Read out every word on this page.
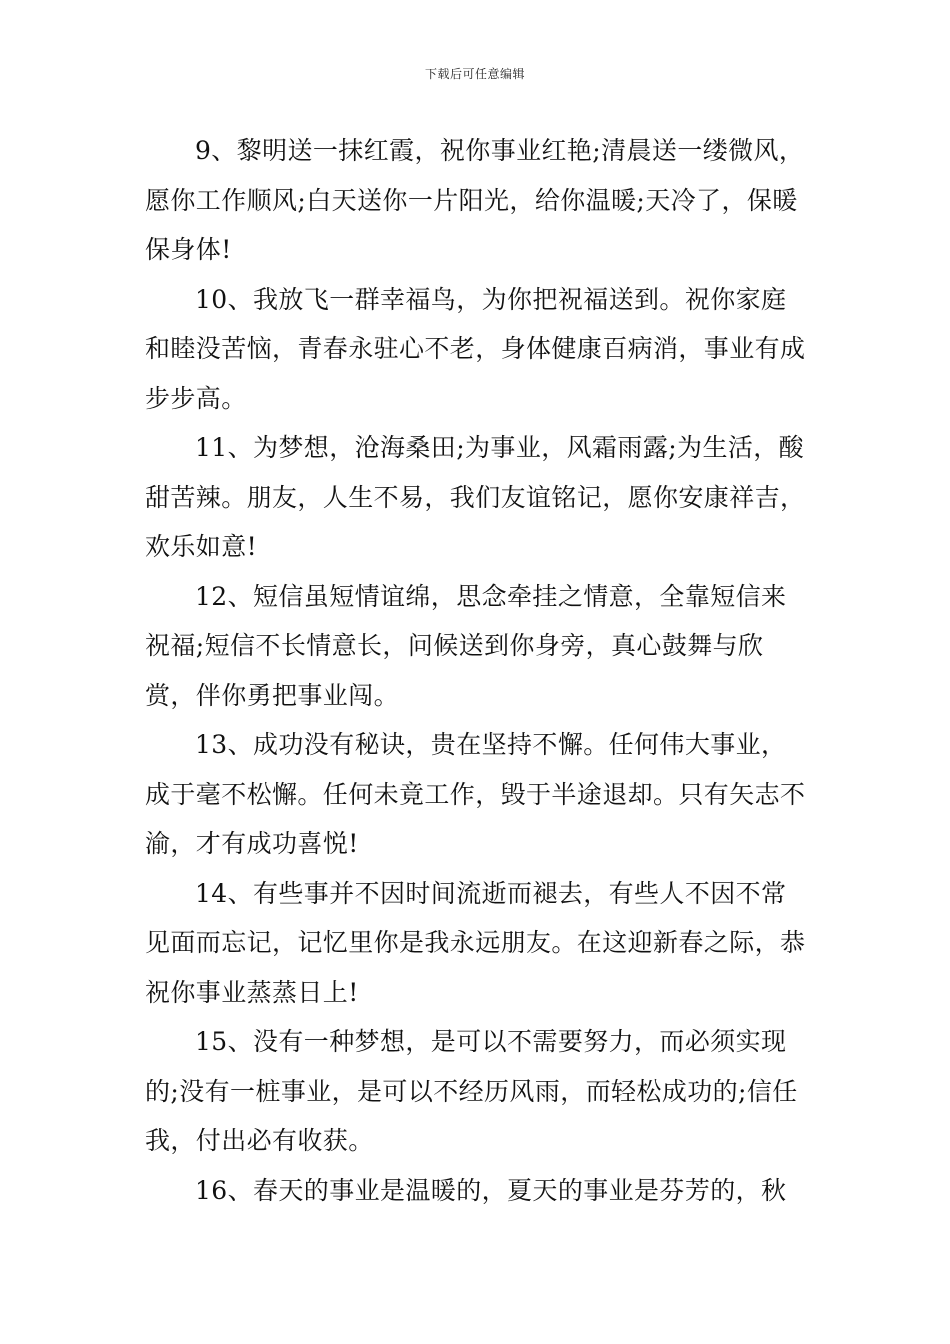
下载后可任意编辑

9、黎明送一抹红霞，祝你事业红艳;清晨送一缕微风，愿你工作顺风;白天送你一片阳光，给你温暖;天冷了，保暖保身体!

10、我放飞一群幸福鸟，为你把祝福送到。祝你家庭和睦没苦恼，青春永驻心不老，身体健康百病消，事业有成步步高。

11、为梦想，沧海桑田;为事业，风霜雨露;为生活，酸甜苦辣。朋友，人生不易，我们友谊铭记，愿你安康祥吉，欢乐如意!

12、短信虽短情谊绵，思念牵挂之情意，全靠短信来祝福;短信不长情意长，问候送到你身旁，真心鼓舞与欣赏，伴你勇把事业闯。

13、成功没有秘诀，贵在坚持不懈。任何伟大事业，成于毫不松懈。任何未竟工作，毁于半途退却。只有矢志不渝，才有成功喜悦!

14、有些事并不因时间流逝而褪去，有些人不因不常见面而忘记，记忆里你是我永远朋友。在这迎新春之际，恭祝你事业蒸蒸日上!

15、没有一种梦想，是可以不需要努力，而必须实现的;没有一桩事业，是可以不经历风雨，而轻松成功的;信任我，付出必有收获。

16、春天的事业是温暖的，夏天的事业是芬芳的，秋
